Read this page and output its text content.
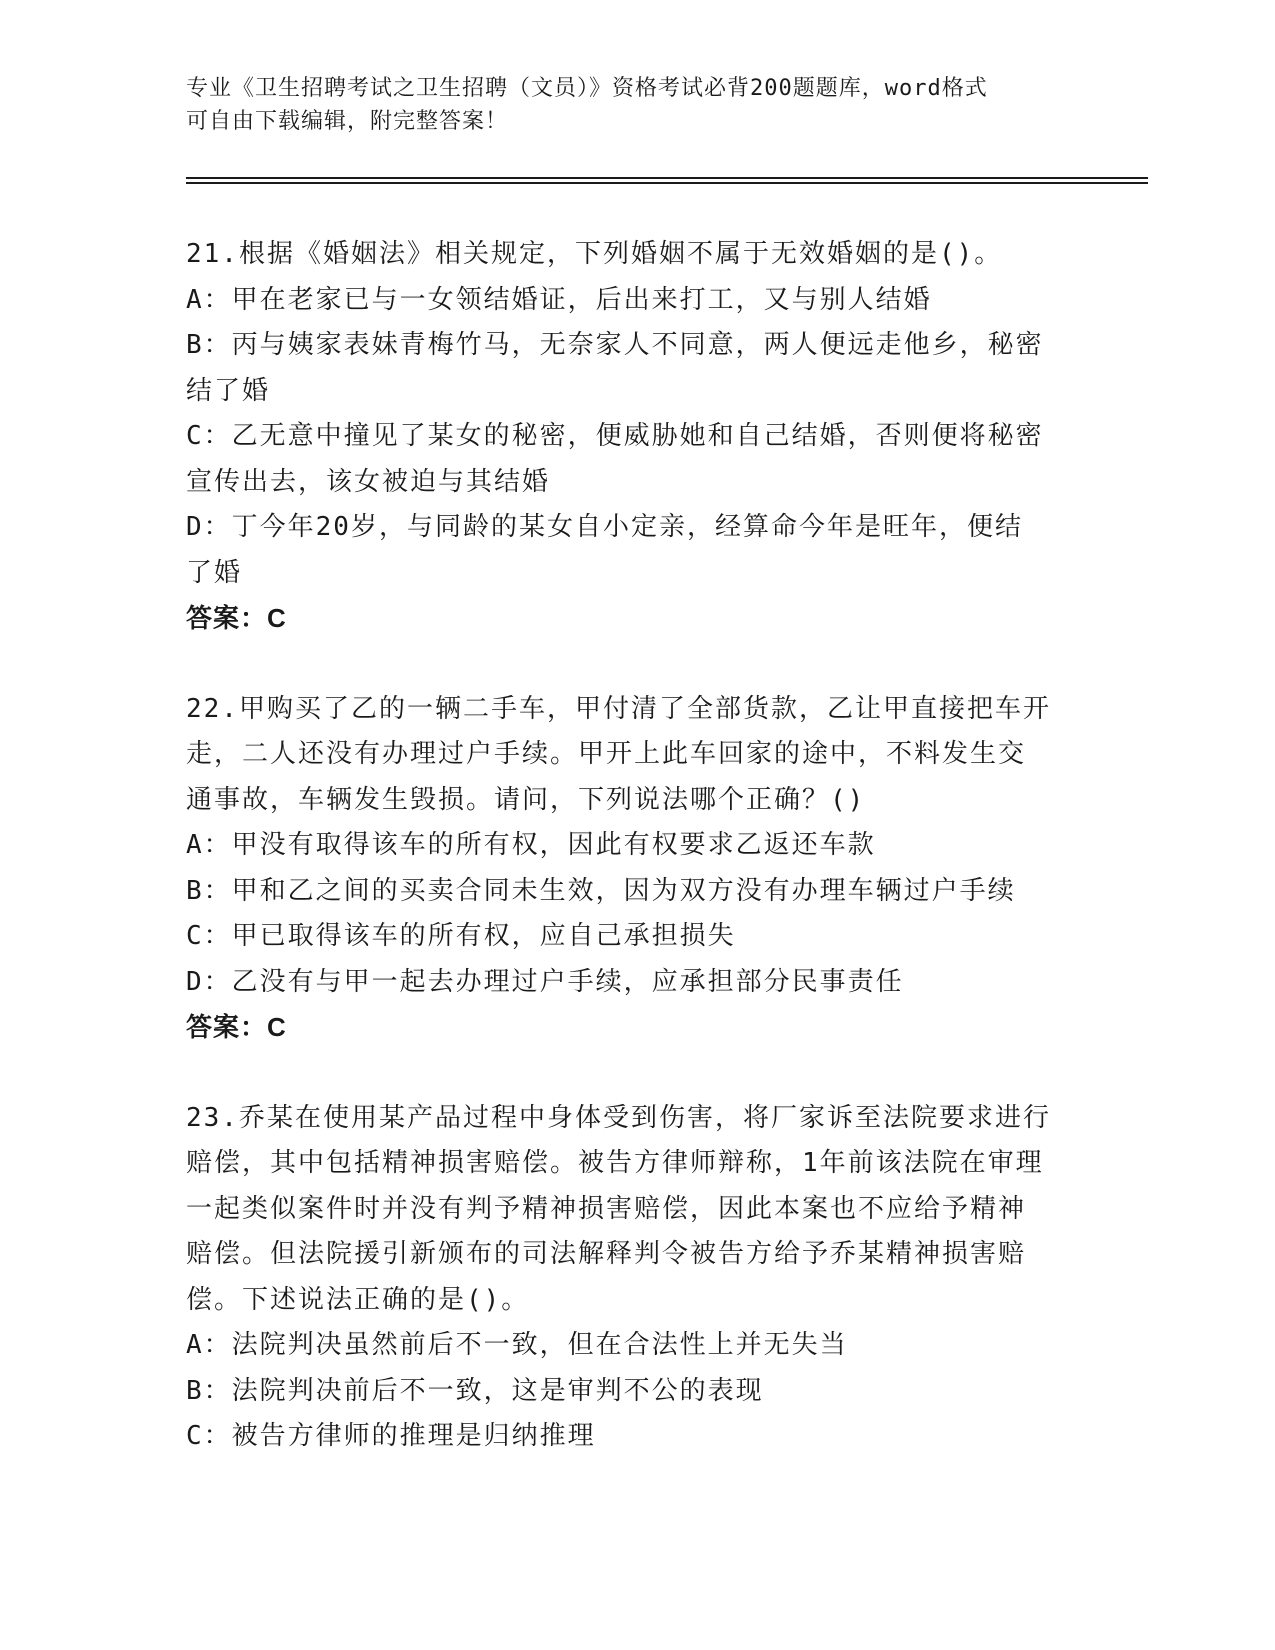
专业《卫生招聘考试之卫生招聘（文员）》资格考试必背200题题库，word格式
可自由下载编辑，附完整答案！

21.根据《婚姻法》相关规定，下列婚姻不属于无效婚姻的是()。

A：甲在老家已与一女领结婚证，后出来打工，又与别人结婚

B：丙与姨家表妹青梅竹马，无奈家人不同意，两人便远走他乡，秘密

结了婚

C：乙无意中撞见了某女的秘密，便威胁她和自己结婚，否则便将秘密

宣传出去，该女被迫与其结婚

D：丁今年20岁，与同龄的某女自小定亲，经算命今年是旺年，便结

了婚

答案：C

22.甲购买了乙的一辆二手车，甲付清了全部货款，乙让甲直接把车开

走，二人还没有办理过户手续。甲开上此车回家的途中，不料发生交

通事故，车辆发生毁损。请问，下列说法哪个正确？()

A：甲没有取得该车的所有权，因此有权要求乙返还车款

B：甲和乙之间的买卖合同未生效，因为双方没有办理车辆过户手续

C：甲已取得该车的所有权，应自己承担损失

D：乙没有与甲一起去办理过户手续，应承担部分民事责任

答案：C

23.乔某在使用某产品过程中身体受到伤害，将厂家诉至法院要求进行

赔偿，其中包括精神损害赔偿。被告方律师辩称，1年前该法院在审理

一起类似案件时并没有判予精神损害赔偿，因此本案也不应给予精神

赔偿。但法院援引新颁布的司法解释判令被告方给予乔某精神损害赔

偿。下述说法正确的是()。

A：法院判决虽然前后不一致，但在合法性上并无失当

B：法院判决前后不一致，这是审判不公的表现

C：被告方律师的推理是归纳推理
